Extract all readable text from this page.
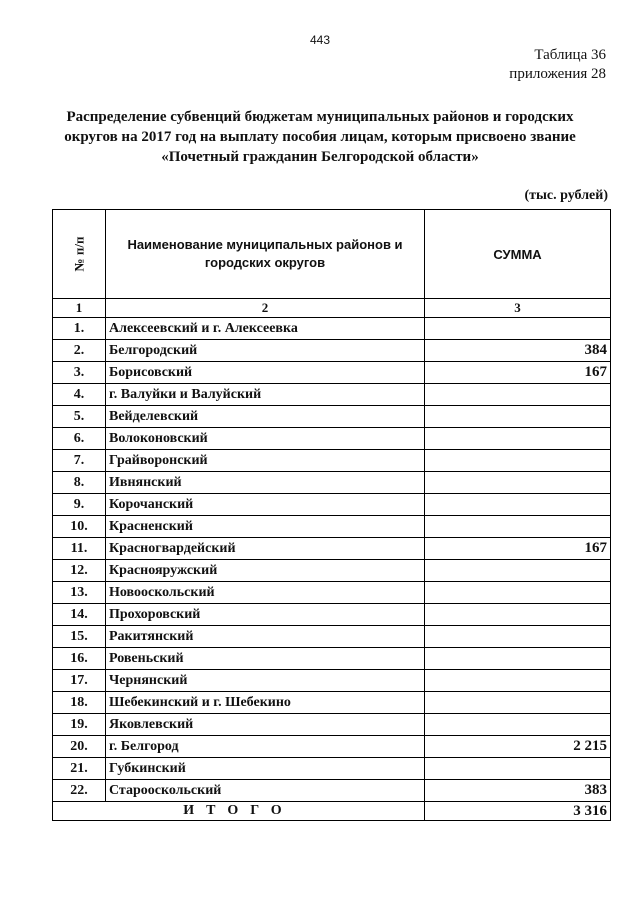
443
Таблица 36
приложения 28
Распределение субвенций бюджетам муниципальных районов и городских округов на 2017 год на выплату пособия лицам, которым присвоено звание «Почетный гражданин Белгородской области»
(тыс. рублей)
№ п/п	Наименование муниципальных районов и городских округов	СУММА
1	2	3
1.	Алексеевский и г. Алексеевка	
2.	Белгородский	384
3.	Борисовский	167
4.	г. Валуйки и Валуйский	
5.	Вейделевский	
6.	Волоконовский	
7.	Грайворонский	
8.	Ивнянский	
9.	Корочанский	
10.	Красненский	
11.	Красногвардейский	167
12.	Краснояружский	
13.	Новооскольский	
14.	Прохоровский	
15.	Ракитянский	
16.	Ровеньский	
17.	Чернянский	
18.	Шебекинский и г. Шебекино	
19.	Яковлевский	
20.	г. Белгород	2 215
21.	Губкинский	
22.	Старооскольский	383
ИТОГО		3 316
